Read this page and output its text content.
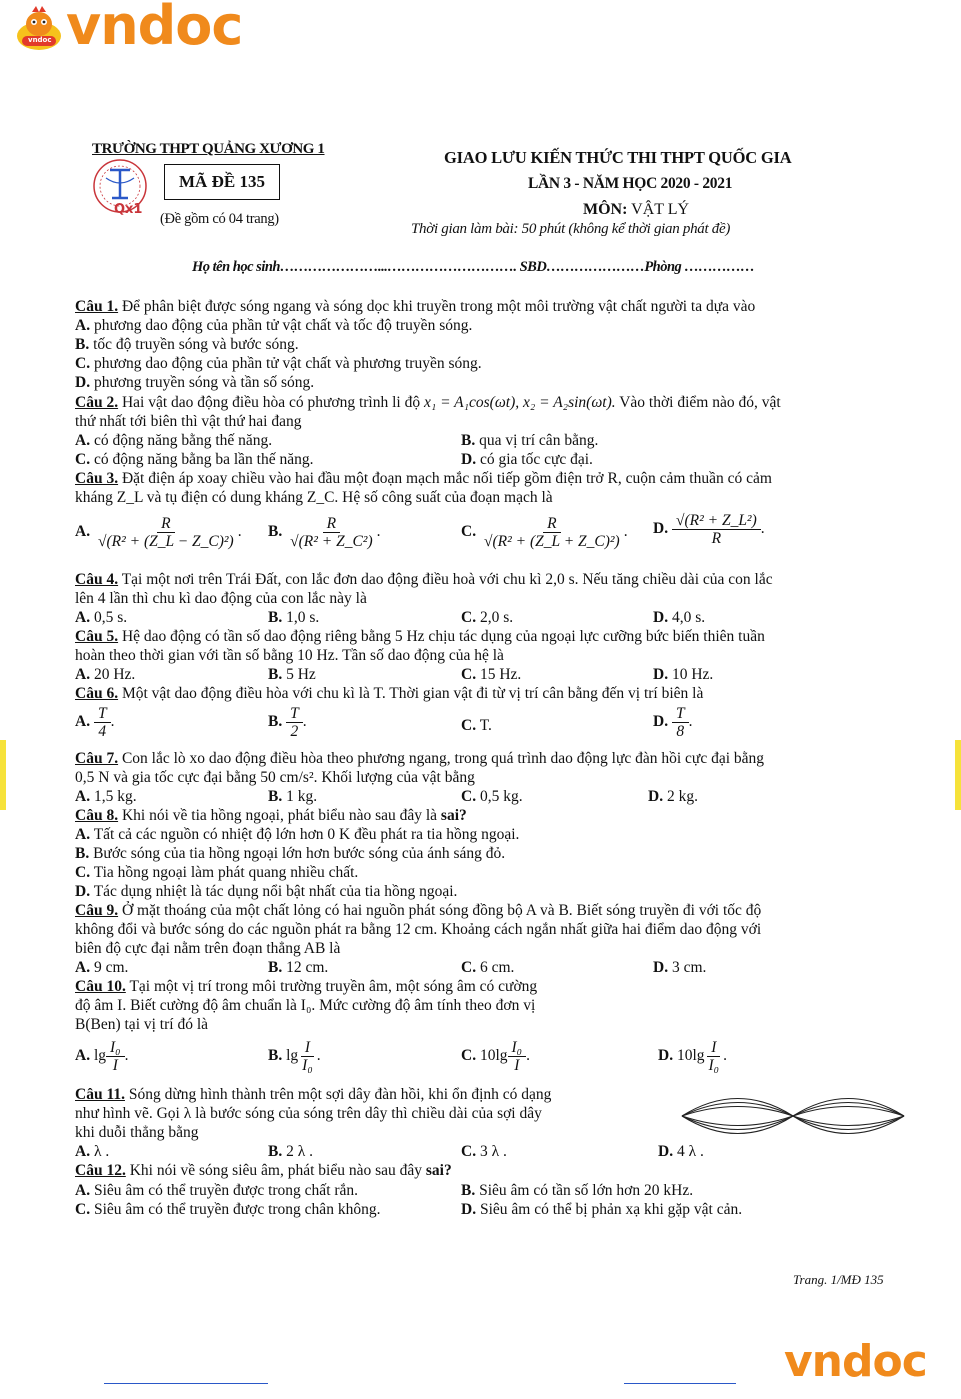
vndoc vndoc
TRƯỜNG THPT QUẢNG XƯƠNG 1
Qx1
MÃ ĐỀ 135
(Đề gồm có 04 trang)
GIAO LƯU KIẾN THỨC THI THPT QUỐC GIA
LẦN 3 - NĂM HỌC 2020 - 2021
MÔN: VẬT LÝ
Thời gian làm bài: 50 phút (không kể thời gian phát đề)
Họ tên học sinh…………………...………………………. SBD…………………Phòng ……………
Câu 1. Để phân biệt được sóng ngang và sóng dọc khi truyền trong một môi trường vật chất người ta dựa vào
A. phương dao động của phần tử vật chất và tốc độ truyền sóng.
B. tốc độ truyền sóng và bước sóng.
C. phương dao động của phần tử vật chất và phương truyền sóng.
D. phương truyền sóng và tần số sóng.
Câu 2. Hai vật dao động điều hòa có phương trình li độ x₁ = A₁cos(ωt), x₂ = A₂sin(ωt). Vào thời điểm nào đó, vật
thứ nhất tới biên thì vật thứ hai đang
A. có động năng bằng thế năng.	B. qua vị trí cân bằng.
C. có động năng bằng ba lần thế năng.	D. có gia tốc cực đại.
Câu 3. Đặt điện áp xoay chiều vào hai đầu một đoạn mạch mắc nối tiếp gồm điện trở R, cuộn cảm thuần có cảm
kháng Z_L và tụ điện có dung kháng Z_C. Hệ số công suất của đoạn mạch là
A. $\frac{R}{\text{√(R² + (Z\_L − Z\_C)²)}}$ . B. $\frac{R}{\text{√(R² + Z\_C²)}}$ .	C. $\frac{R}{\text{√(R² + (Z\_L + Z\_C)²)}}$ . D. $\frac{\text{√(R² + Z\_L²)}}{R}$ .
Câu 4. Tại một nơi trên Trái Đất, con lắc đơn dao động điều hoà với chu kì 2,0 s. Nếu tăng chiều dài của con lắc
lên 4 lần thì chu kì dao động của con lắc này là
A. 0,5 s.	B. 1,0 s.	C. 2,0 s.	D. 4,0 s.
Câu 5. Hệ dao động có tần số dao động riêng bằng 5 Hz chịu tác dụng của ngoại lực cưỡng bức biến thiên tuần
hoàn theo thời gian với tần số bằng 10 Hz. Tần số dao động của hệ là
A. 20 Hz.	B. 5 Hz	C. 15 Hz.	D. 10 Hz.
Câu 6. Một vật dao động điều hòa với chu kì là T. Thời gian vật đi từ vị trí cân bằng đến vị trí biên là
A. $\frac{T}{4}$ .	B. $\frac{T}{2}$ .	C. T.	D. $\frac{T}{8}$ .
Câu 7. Con lắc lò xo dao động điều hòa theo phương ngang, trong quá trình dao động lực đàn hồi cực đại bằng
0,5 N và gia tốc cực đại bằng 50 cm/s². Khối lượng của vật bằng
A. 1,5 kg.	B. 1 kg.	C. 0,5 kg.	D. 2 kg.
Câu 8. Khi nói về tia hồng ngoại, phát biểu nào sau đây là sai?
A. Tất cả các nguồn có nhiệt độ lớn hơn 0 K đều phát ra tia hồng ngoại.
B. Bước sóng của tia hồng ngoại lớn hơn bước sóng của ánh sáng đỏ.
C. Tia hồng ngoại làm phát quang nhiều chất.
D. Tác dụng nhiệt là tác dụng nổi bật nhất của tia hồng ngoại.
Câu 9. Ở mặt thoáng của một chất lỏng có hai nguồn phát sóng đồng bộ A và B. Biết sóng truyền đi với tốc độ
không đổi và bước sóng do các nguồn phát ra bằng 12 cm. Khoảng cách ngắn nhất giữa hai điểm dao động với
biên độ cực đại nằm trên đoạn thẳng AB là
A. 9 cm.	B. 12 cm.	C. 6 cm.	D. 3 cm.
Câu 10. Tại một vị trí trong môi trường truyền âm, một sóng âm có cường
độ âm I. Biết cường độ âm chuẩn là I₀. Mức cường độ âm tính theo đơn vị
B(Ben) tại vị trí đó là
A. $\lg \frac{\text{I₀}}{I}$ .	B. $\lg \frac{I}{\text{I₀}}$ .	C. $10\lg \frac{\text{I₀}}{I}$ .	D. $10\lg \frac{I}{\text{I₀}}$ .
Câu 11. Sóng dừng hình thành trên một sợi dây đàn hồi, khi ổn định có dạng
như hình vẽ. Gọi λ là bước sóng của sóng trên dây thì chiều dài của sợi dây
khi duỗi thẳng bằng
A. λ .	B. 2 λ .	C. 3 λ .	D. 4 λ .
Câu 12. Khi nói về sóng siêu âm, phát biểu nào sau đây sai?
A. Siêu âm có thể truyền được trong chất rắn.	B. Siêu âm có tần số lớn hơn 20 kHz.
C. Siêu âm có thể truyền được trong chân không.	D. Siêu âm có thể bị phản xạ khi gặp vật cản.
Trang. 1/MĐ 135
vndoc
